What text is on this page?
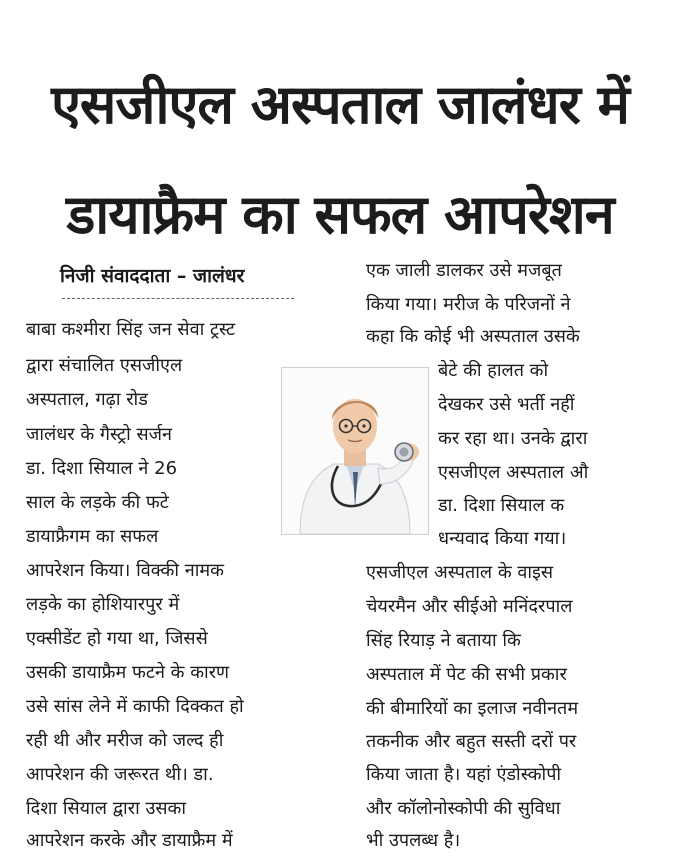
एसजीएल अस्पताल जालंधर में
डायाफ्रैम का सफल आपरेशन
निजी संवाददाता – जालंधर
बाबा कश्मीरा सिंह जन सेवा ट्रस्ट
द्वारा संचालित एसजीएल
अस्पताल, गढ़ा रोड
जालंधर के गैस्ट्रो सर्जन
डा. दिशा सियाल ने 26
साल के लड़के की फटे
डायाफ्रैगम का सफल
आपरेशन किया। विक्की नामक
लड़के का होशियारपुर में
एक्सीडेंट हो गया था, जिससे
उसकी डायाफ्रैम फटने के कारण
उसे सांस लेने में काफी दिक्कत हो
रही थी और मरीज को जल्द ही
आपरेशन की जरूरत थी। डा.
दिशा सियाल द्वारा उसका
आपरेशन करके और डायाफ्रैम में
एक जाली डालकर उसे मजबूत
किया गया। मरीज के परिजनों ने
कहा कि कोई भी अस्पताल उसके
बेटे की हालत को
देखकर उसे भर्ती नहीं
कर रहा था। उनके द्वारा
एसजीएल अस्पताल औ
डा. दिशा सियाल क
धन्यवाद किया गया।
एसजीएल अस्पताल के वाइस
चेयरमैन और सीईओ मनिंदरपाल
सिंह रियाड़ ने बताया कि
अस्पताल में पेट की सभी प्रकार
की बीमारियों का इलाज नवीनतम
तकनीक और बहुत सस्ती दरों पर
किया जाता है। यहां एंडोस्कोपी
और कॉलोनोस्कोपी की सुविधा
भी उपलब्ध है।
